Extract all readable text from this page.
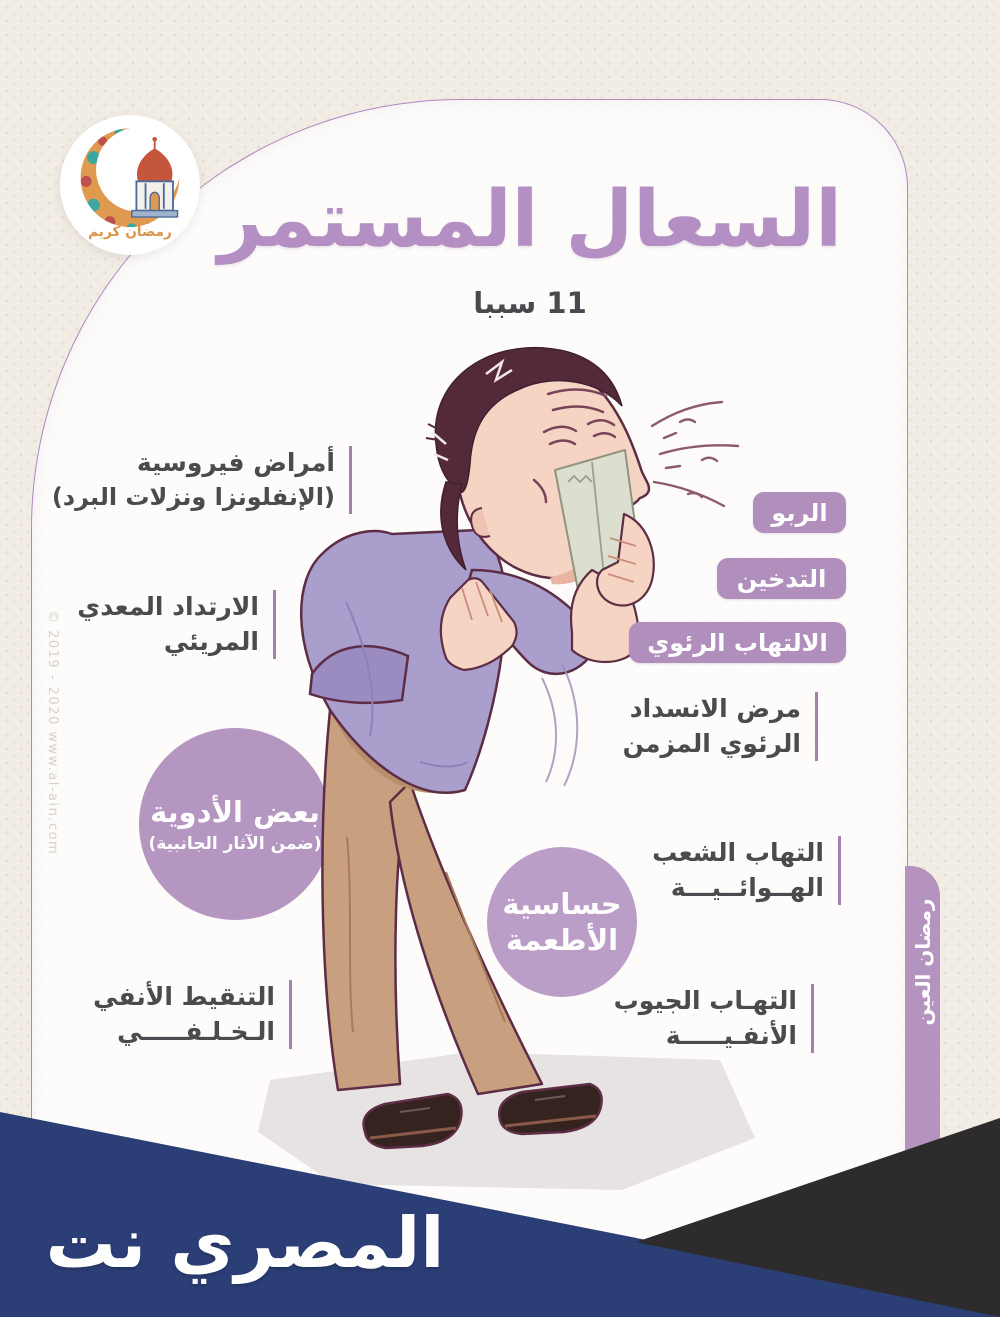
© 2019 - 2020 www.al-ain.com
رمضان كريم السعال المستمر
11 سببا
بعض الأدوية
(ضمن الآثار الجانبية)
أمراض فيروسية
(الإنفلونزا ونزلات البرد)
الارتداد المعدي
المريئي
التنقيط الأنفي
الـخـلـفـــــي
الربو
التدخين
الالتهاب الرئوي
مرض الانسداد
الرئوي المزمن
التهاب الشعب
الهــوائــيـــة
التهـاب الجيوب
الأنفـيـــــة
حساسية
الأطعمة	رمضان العين
المصري نت
